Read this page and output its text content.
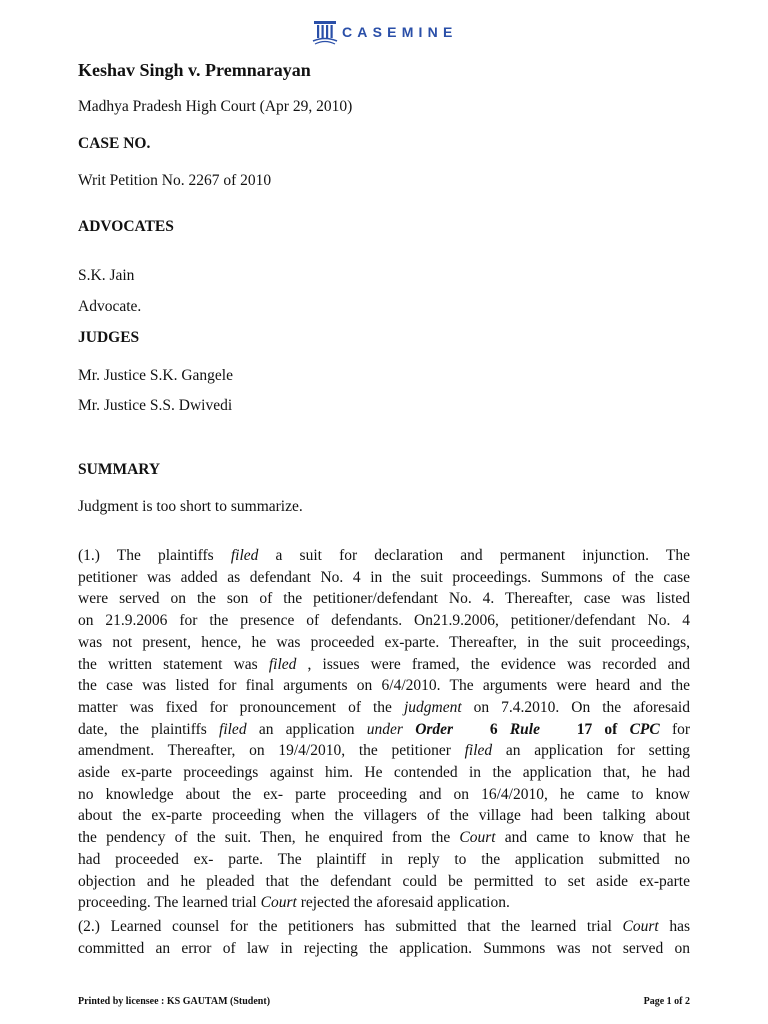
CASEMINE
Keshav Singh v. Premnarayan
Madhya Pradesh High Court (Apr 29, 2010)
CASE NO.
Writ Petition No. 2267 of 2010
ADVOCATES
S.K. Jain
Advocate.
JUDGES
Mr. Justice S.K. Gangele
Mr. Justice S.S. Dwivedi
SUMMARY
Judgment is too short to summarize.
(1.) The plaintiffs filed a suit for declaration and permanent injunction. The
petitioner was added as defendant No. 4 in the suit proceedings. Summons of the case
were served on the son of the petitioner/defendant No. 4. Thereafter, case was listed
on 21.9.2006 for the presence of defendants. On21.9.2006, petitioner/defendant No. 4
was not present, hence, he was proceeded ex-parte. Thereafter, in the suit proceedings,
the written statement was filed , issues were framed, the evidence was recorded and
the case was listed for final arguments on 6/4/2010. The arguments were heard and the
matter was fixed for pronouncement of the judgment on 7.4.2010. On the aforesaid
date, the plaintiffs filed an application under Order 6 Rule 17 of CPC for
amendment. Thereafter, on 19/4/2010, the petitioner filed an application for setting
aside ex-parte proceedings against him. He contended in the application that, he had
no knowledge about the ex- parte proceeding and on 16/4/2010, he came to know
about the ex-parte proceeding when the villagers of the village had been talking about
the pendency of the suit. Then, he enquired from the Court and came to know that he
had proceeded ex- parte. The plaintiff in reply to the application submitted no
objection and he pleaded that the defendant could be permitted to set aside ex-parte
proceeding. The learned trial Court rejected the aforesaid application.
(2.) Learned counsel for the petitioners has submitted that the learned trial Court has
committed an error of law in rejecting the application. Summons was not served on
Printed by licensee : KS GAUTAM (Student)	Page 1 of 2
